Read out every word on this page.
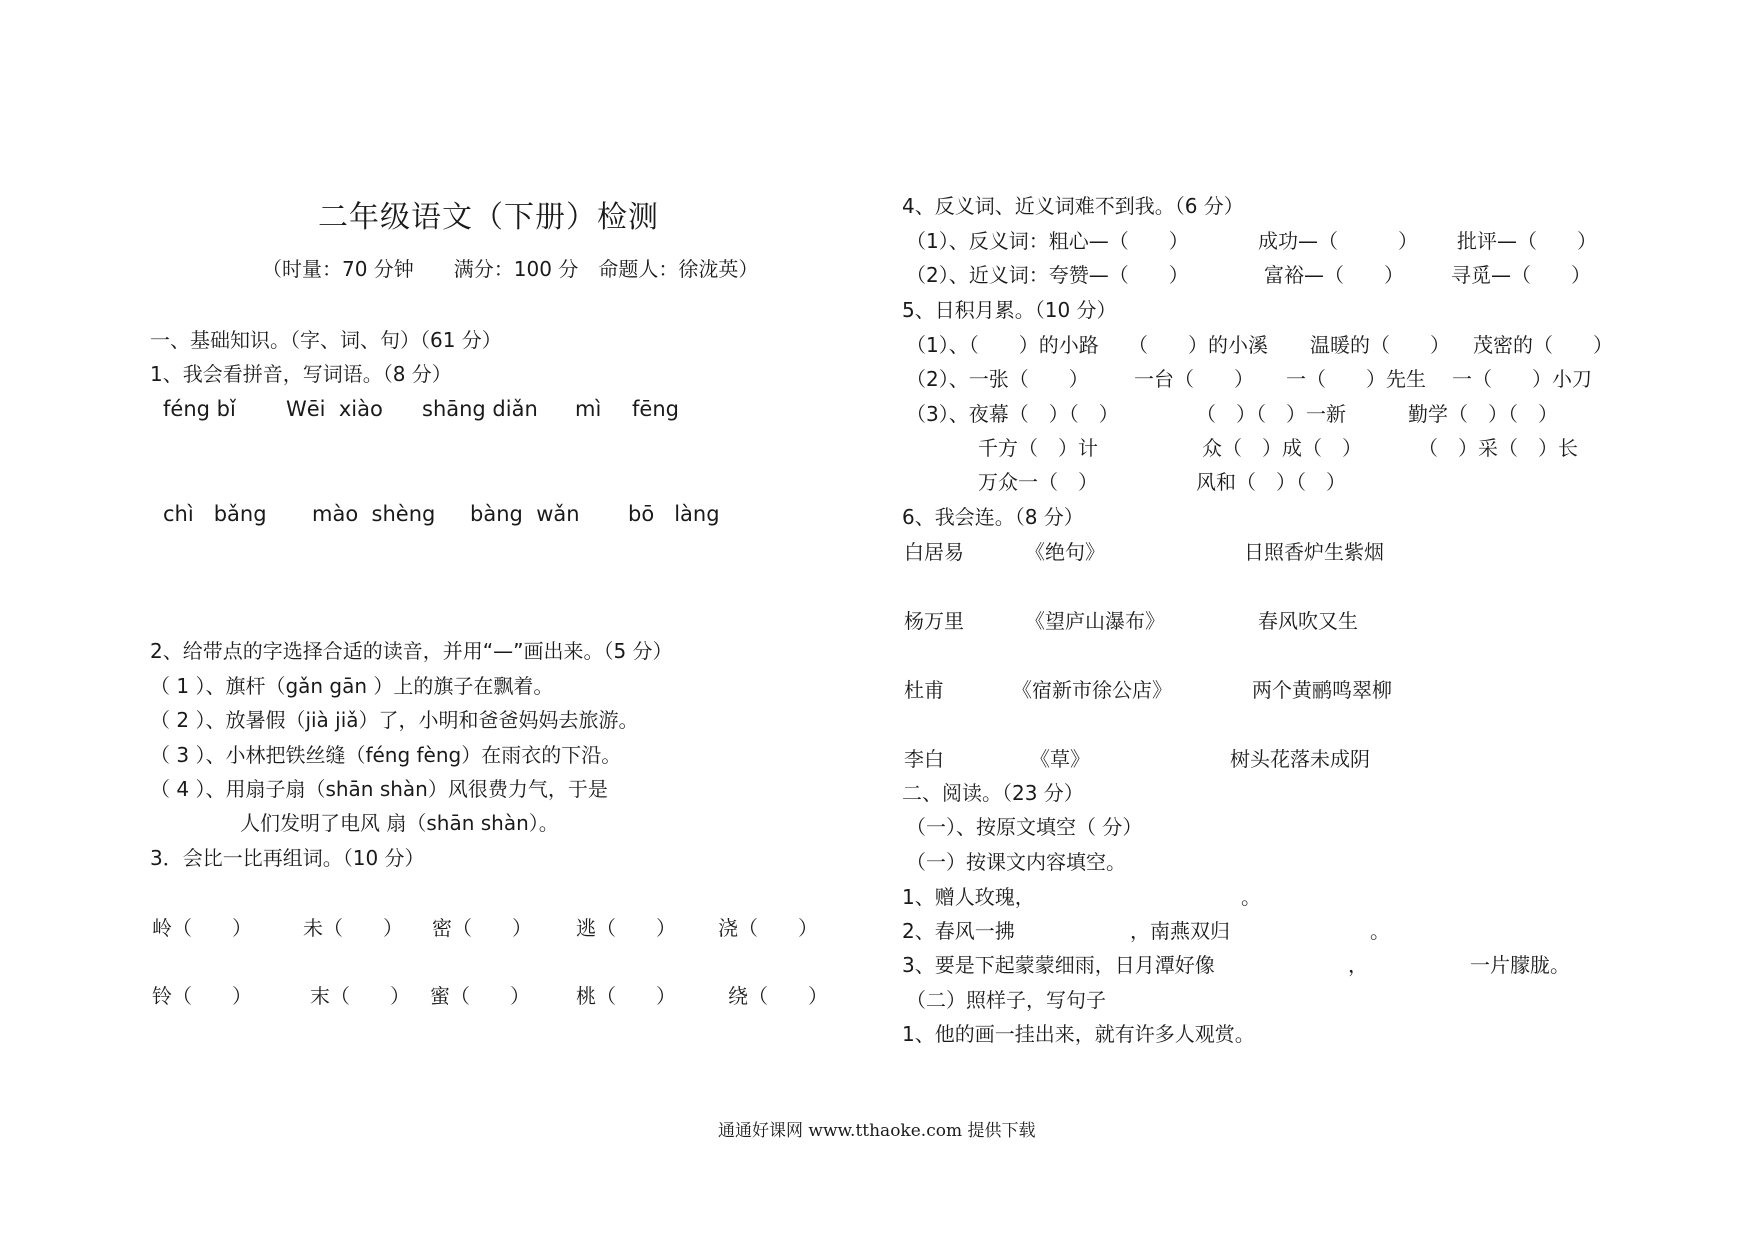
二年级语文（下册）检测
（时量：70 分钟　　满分：100 分　命题人：徐泷英）
一、基础知识。（字、词、句）（61 分）
1、我会看拼音，写词语。（8 分）
féng bǐ Wēi  xiào shāng diǎn mì fēng
chì   bǎng mào  shèng bàng  wǎn bō   làng
2、给带点的字选择合适的读音，并用“—”画出来。（5 分）
（ 1 ）、旗杆（gǎn gān ）上的旗子在飘着。
（ 2 ）、放暑假（jià jiǎ）了，小明和爸爸妈妈去旅游。
（ 3 ）、小林把铁丝缝（féng fèng）在雨衣的下沿。
（ 4 ）、用扇子扇（shān shàn）风很费力气，于是
人们发明了电风 扇（shān shàn）。
3．会比一比再组词。（10 分）
岭（　　）	未（　　） 密（　　） 逃（　　） 浇（　　）
铃（　　）	末（　　） 蜜（　　） 桃（　　）	绕（　　）
4、反义词、近义词难不到我。（6 分）
（1）、反义词：粗心—（　　）	成功—（　　　） 批评—（　　）
（2）、近义词：夸赞—（　　）	富裕—（　　） 寻觅—（　　）
5、日积月累。（10 分）
（1）、（　　）的小路 （　　）的小溪 温暖的（　　） 茂密的（　　）
（2）、一张（　　） 一台（　　） 一（　　）先生 一（　　）小刀
（3）、夜幕（　）（　）	（　）（　）一新	勤学（　）（　）
千方（　）计	众（　）成（　）	（　）采（　）长
万众一（　）	风和（　）（　）
6、我会连。（8 分）
白居易	《绝句》	日照香炉生紫烟
杨万里	《望庐山瀑布》	春风吹又生
杜甫	《宿新市徐公店》	两个黄鹂鸣翠柳
李白	《草》	树头花落未成阴
二、阅读。（23 分）
（一）、按原文填空（ 分）
（一）按课文内容填空。
1、赠人玫瑰，	。
2、春风一拂	，南燕双归	。
3、要是下起蒙蒙细雨，日月潭好像	，	一片朦胧。
（二）照样子，写句子
1、他的画一挂出来，就有许多人观赏。
通通好课网 www.tthaoke.com 提供下载
